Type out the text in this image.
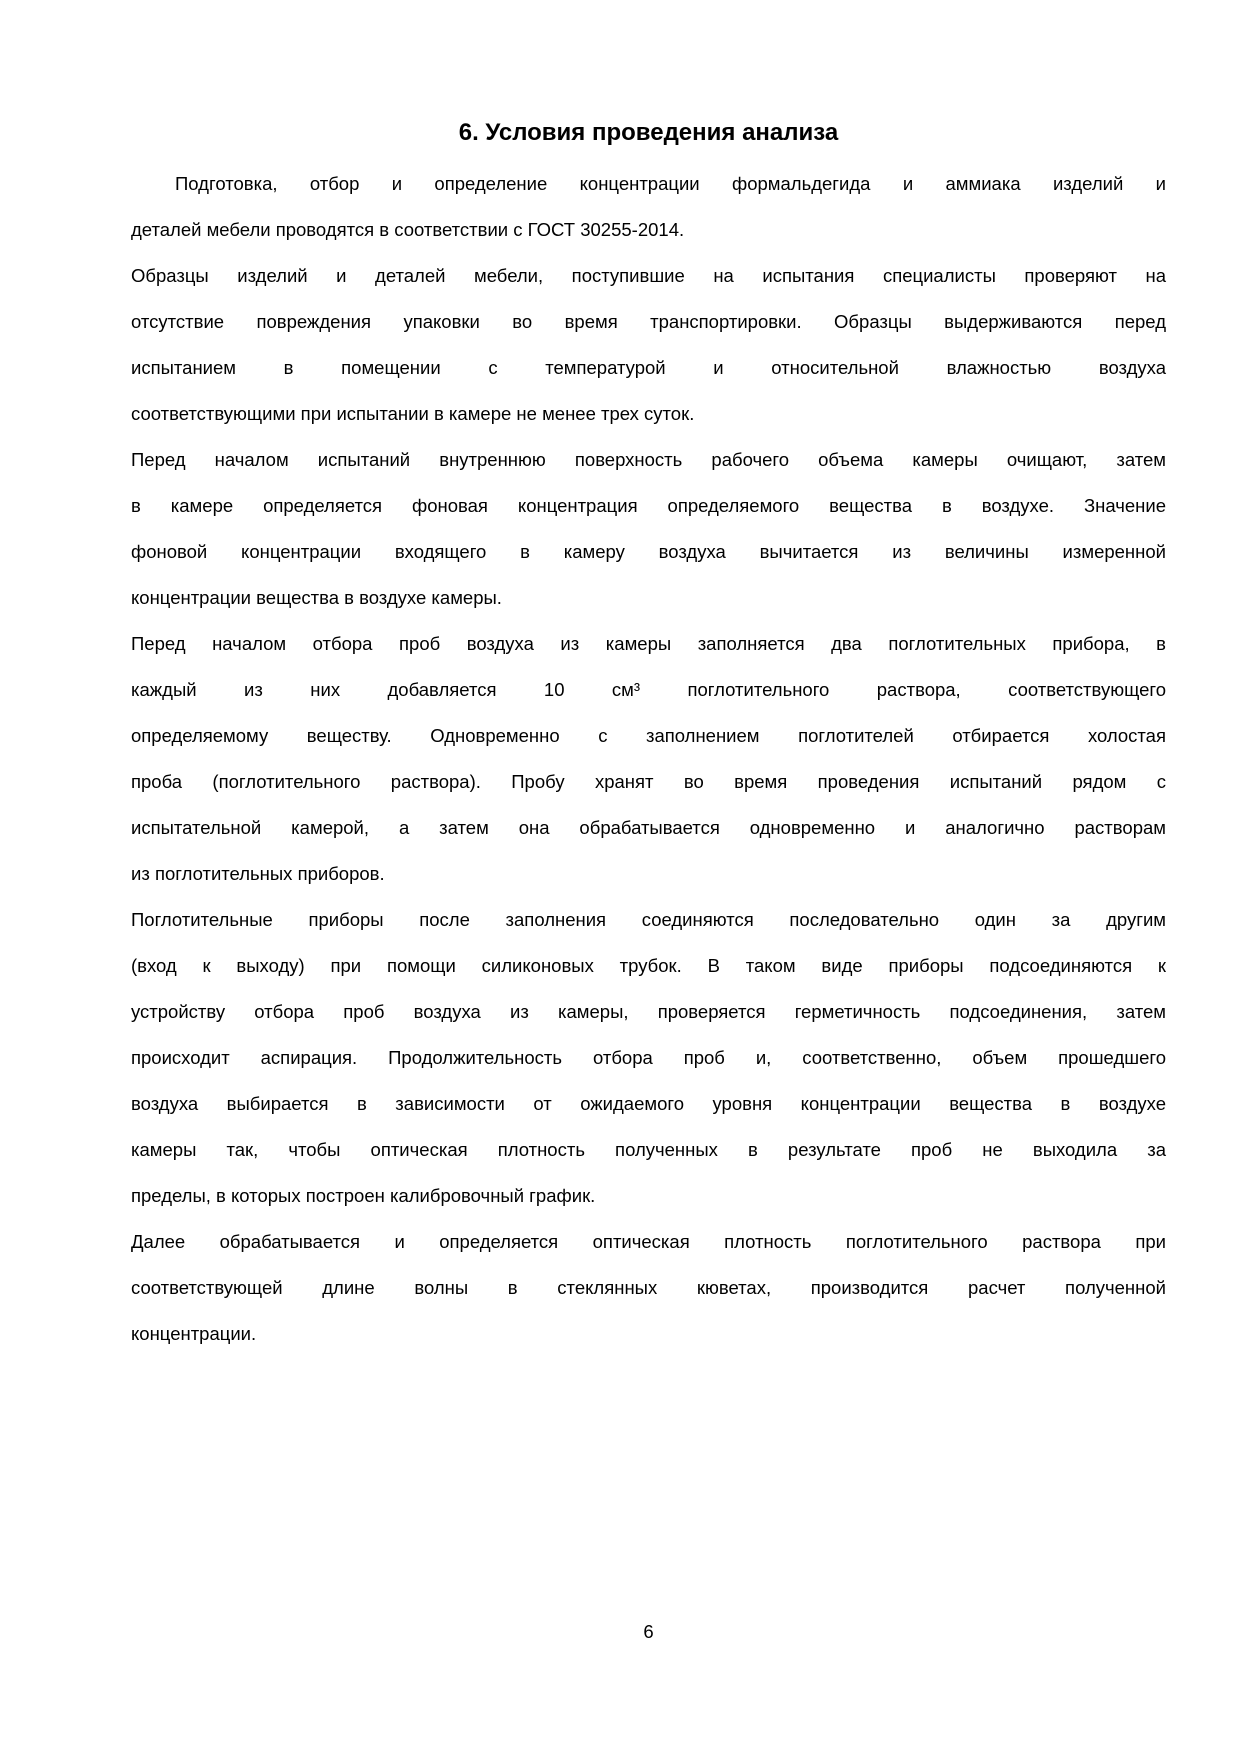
6. Условия проведения анализа
Подготовка, отбор и определение концентрации формальдегида и аммиака изделий и
деталей мебели проводятся в соответствии с ГОСТ 30255-2014.
Образцы изделий и деталей мебели, поступившие на испытания специалисты проверяют на
отсутствие повреждения упаковки во время транспортировки. Образцы выдерживаются перед
испытанием в помещении с температурой и относительной влажностью воздуха
соответствующими при испытании в камере не менее трех суток.
Перед началом испытаний внутреннюю поверхность рабочего объема камеры очищают, затем
в камере определяется фоновая концентрация определяемого вещества в воздухе. Значение
фоновой концентрации входящего в камеру воздуха вычитается из величины измеренной
концентрации вещества в воздухе камеры.
Перед началом отбора проб воздуха из камеры заполняется два поглотительных прибора, в
каждый из них добавляется 10 см³ поглотительного раствора, соответствующего
определяемому веществу. Одновременно с заполнением поглотителей отбирается холостая
проба (поглотительного раствора). Пробу хранят во время проведения испытаний рядом с
испытательной камерой, а затем она обрабатывается одновременно и аналогично растворам
из поглотительных приборов.
Поглотительные приборы после заполнения соединяются последовательно один за другим
(вход к выходу) при помощи силиконовых трубок. В таком виде приборы подсоединяются к
устройству отбора проб воздуха из камеры, проверяется герметичность подсоединения, затем
происходит аспирация. Продолжительность отбора проб и, соответственно, объем прошедшего
воздуха выбирается в зависимости от ожидаемого уровня концентрации вещества в воздухе
камеры так, чтобы оптическая плотность полученных в результате проб не выходила за
пределы, в которых построен калибровочный график.
Далее обрабатывается и определяется оптическая плотность поглотительного раствора при
соответствующей длине волны в стеклянных кюветах, производится расчет полученной
концентрации.
6
